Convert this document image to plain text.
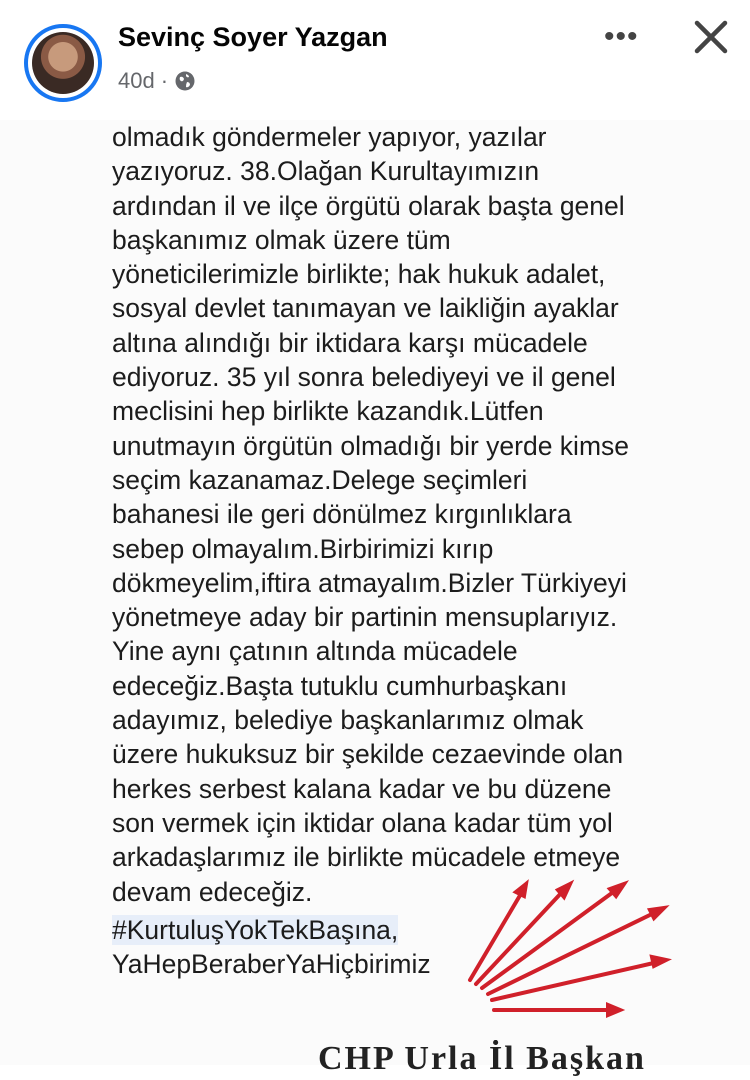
Sevinç Soyer Yazgan
40d ·
•••
olmadık göndermeler yapıyor, yazılar
yazıyoruz. 38.Olağan Kurultayımızın
ardından il ve ilçe örgütü olarak başta genel
başkanımız olmak üzere tüm
yöneticilerimizle birlikte; hak hukuk adalet,
sosyal devlet tanımayan ve laikliğin ayaklar
altına alındığı bir iktidara karşı mücadele
ediyoruz. 35 yıl sonra belediyeyi ve il genel
meclisini hep birlikte kazandık.Lütfen
unutmayın örgütün olmadığı bir yerde kimse
seçim kazanamaz.Delege seçimleri
bahanesi ile geri dönülmez kırgınlıklara
sebep olmayalım.Birbirimizi kırıp
dökmeyelim,iftira atmayalım.Bizler Türkiyeyi
yönetmeye aday bir partinin mensuplarıyız.
Yine aynı çatının altında mücadele
edeceğiz.Başta tutuklu cumhurbaşkanı
adayımız, belediye başkanlarımız olmak
üzere hukuksuz bir şekilde cezaevinde olan
herkes serbest kalana kadar ve bu düzene
son vermek için iktidar olana kadar tüm yol
arkadaşlarımız ile birlikte mücadele etmeye
devam edeceğiz.
#KurtuluşYokTekBaşına,
YaHepBeraberYaHiçbirimiz
CHP Urla İl Başkan
